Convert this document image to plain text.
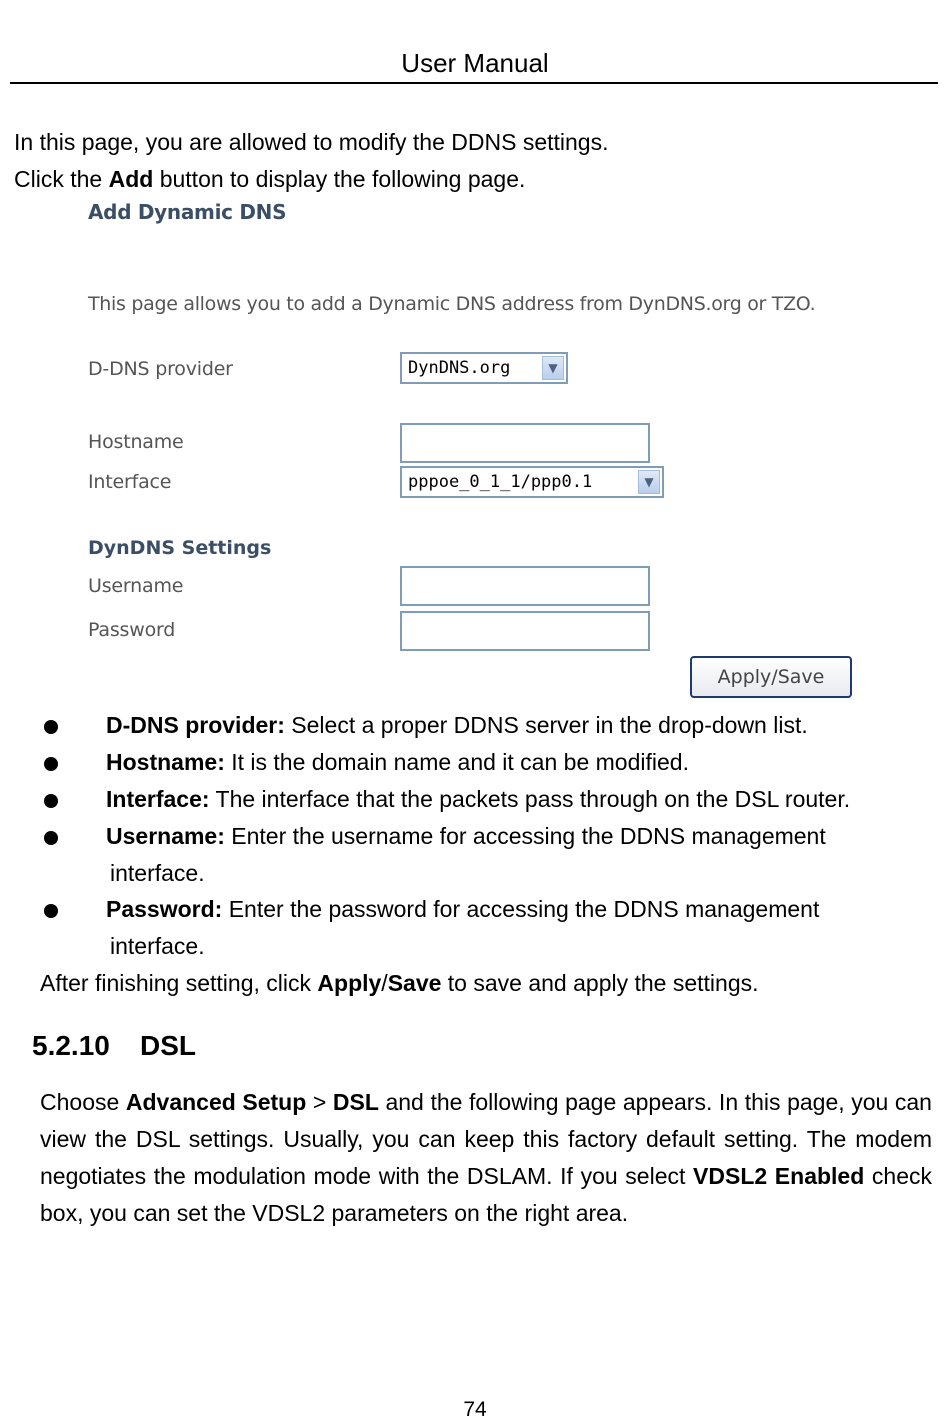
User Manual
In this page, you are allowed to modify the DDNS settings.
Click the Add button to display the following page.
Add Dynamic DNS
This page allows you to add a Dynamic DNS address from DynDNS.org or TZO.
D-DNS provider	DynDNS.org	▼
Hostname
Interface	pppoe_0_1_1/ppp0.1	▼
DynDNS Settings
Username
Password
Apply/Save
D-DNS provider: Select a proper DDNS server in the drop-down list.
Hostname: It is the domain name and it can be modified.
Interface: The interface that the packets pass through on the DSL router.
Username: Enter the username for accessing the DDNS management
interface.
Password: Enter the password for accessing the DDNS management
interface.
After finishing setting, click Apply/Save to save and apply the settings.
5.2.10 DSL
Choose Advanced Setup > DSL and the following page appears. In this page, you can view the DSL settings. Usually, you can keep this factory default setting. The modem negotiates the modulation mode with the DSLAM. If you select VDSL2 Enabled check box, you can set the VDSL2 parameters on the right area.
74
